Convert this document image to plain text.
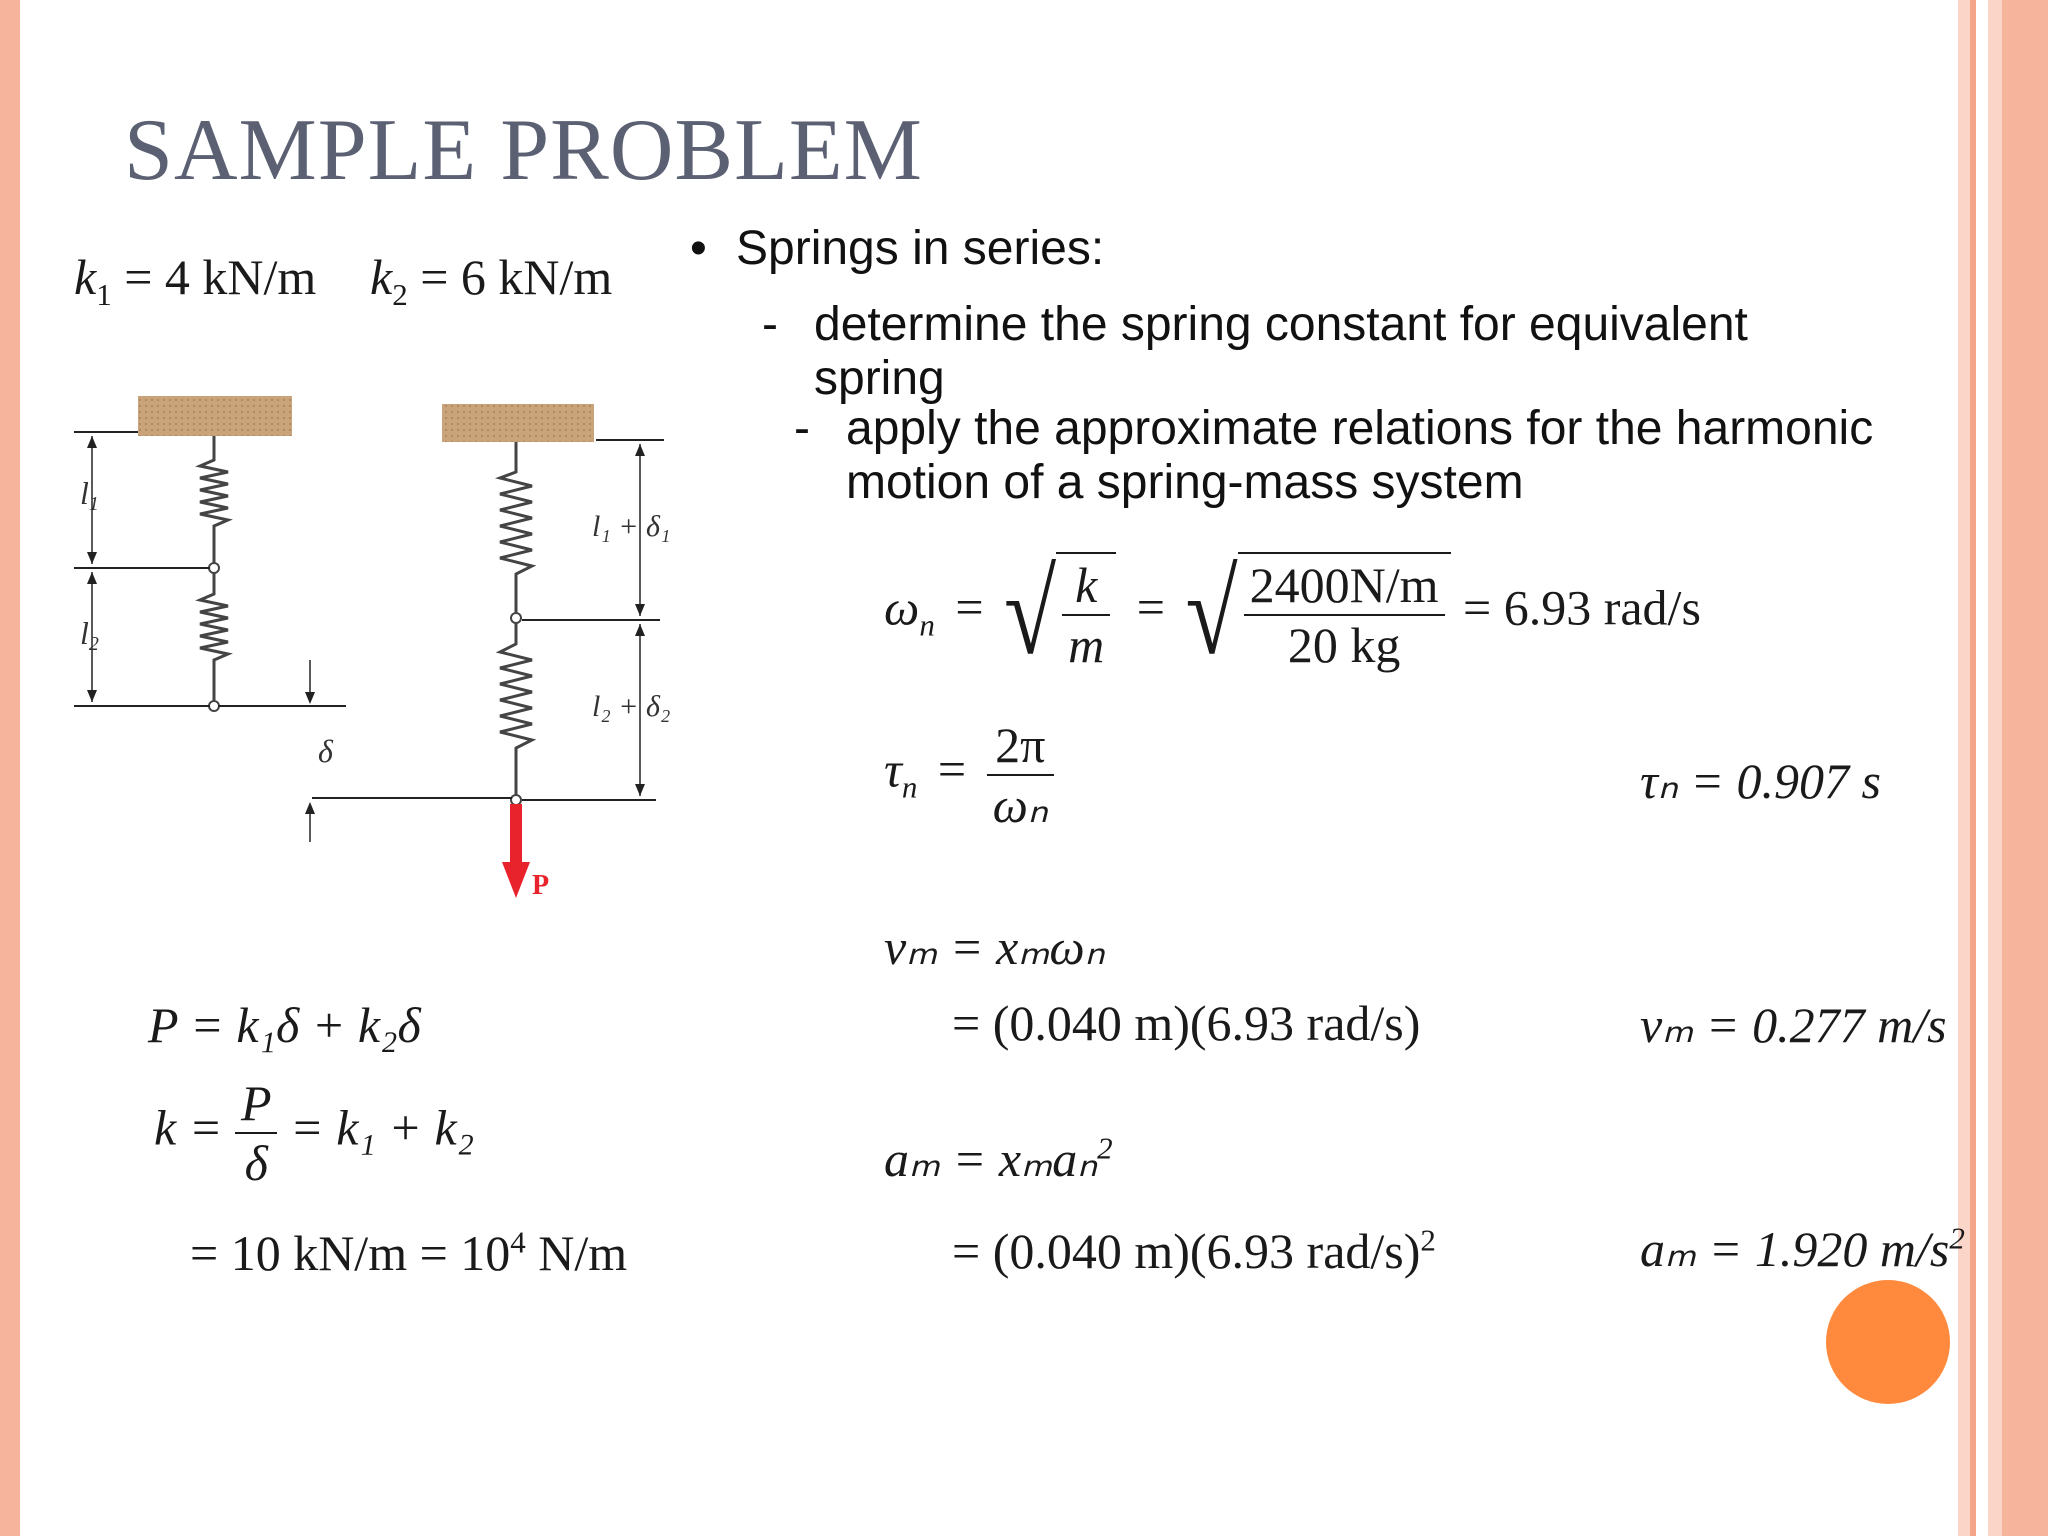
SAMPLE PROBLEM
$k_1 = 4$ kN/m $k_2 = 6$ kN/m
• Springs in series:
- determine the spring constant for equivalent spring
- apply the approximate relations for the harmonic motion of a spring-mass system
l1
l2
δ
P
l₁ + δ₁
l₂ + δ₂
P = k₁δ + k₂δ
$k = \frac{P}{\delta} = k_1 + k_2$
= 10 $kN/m = 10^4$ N/m
$\omega_n$ = √ $\frac{k}{m}$ = √ $\frac{2400N/m}{20 kg} = 6.93$ rad/s
$\tau_n = \frac{2\pi}{\text{ωₙ}}$	τₙ = 0.907 s
vₘ = xₘωₙ
= (0.040 m)(6.93 rad/s)	vₘ = 0.277 m/s
aₘ = xₘaₙ$^2$
= (0.040 m)(6.93 rad/s)$^2$	aₘ = 1.920 $m/s^2$
